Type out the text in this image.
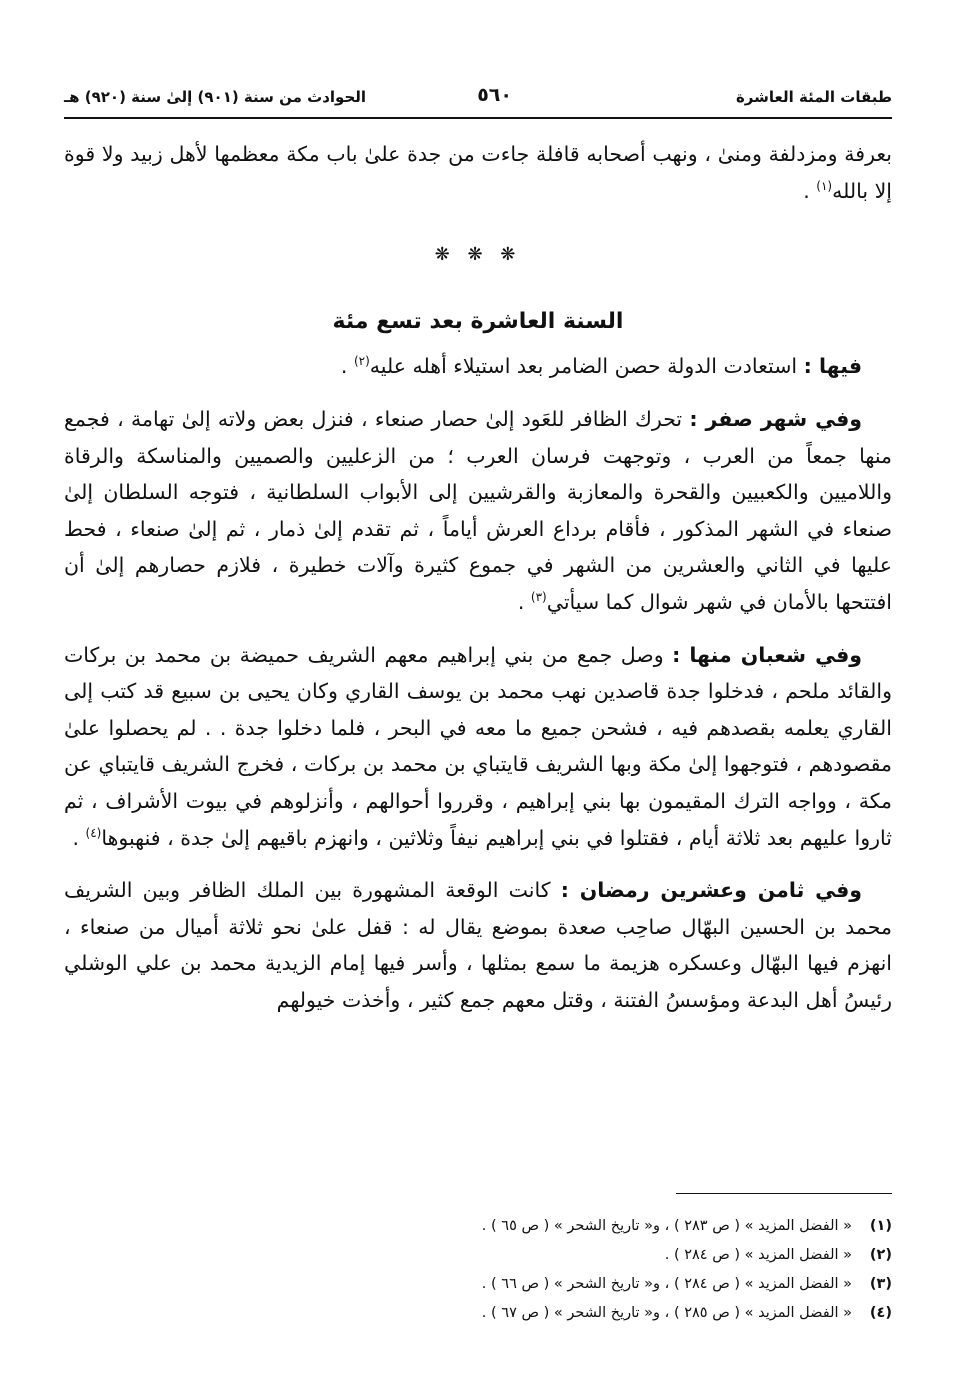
طبقات المئة العاشرة
٥٦٠
الحوادث من سنة (٩٠١) إلىٰ سنة (٩٢٠) هـ

بعرفة ومزدلفة ومنىٰ ، ونهب أصحابه قافلة جاءت من جدة علىٰ باب مكة معظمها لأهل زبيد ولا قوة إلا بالله$^{(١)}$ .

❋ ❋ ❋
السنة العاشرة بعد تسع مئة

فيها : استعادت الدولة حصن الضامر بعد استيلاء أهله عليه$^{(٢)}$ .

وفي شهر صفر : تحرك الظافر للعَود إلىٰ حصار صنعاء ، فنزل بعض ولاته إلىٰ تهامة ، فجمع منها جمعاً من العرب ، وتوجهت فرسان العرب ؛ من الزعليين والصميين والمناسكة والرقاة واللاميين والكعبيين والقحرة والمعازبة والقرشيين إلى الأبواب السلطانية ، فتوجه السلطان إلىٰ صنعاء في الشهر المذكور ، فأقام برداع العرش أياماً ، ثم تقدم إلىٰ ذمار ، ثم إلىٰ صنعاء ، فحط عليها في الثاني والعشرين من الشهر في جموع كثيرة وآلات خطيرة ، فلازم حصارهم إلىٰ أن افتتحها بالأمان في شهر شوال كما سيأتي$^{(٣)}$ .

وفي شعبان منها : وصل جمع من بني إبراهيم معهم الشريف حميضة بن محمد بن بركات والقائد ملحم ، فدخلوا جدة قاصدين نهب محمد بن يوسف القاري وكان يحيى بن سبيع قد كتب إلى القاري يعلمه بقصدهم فيه ، فشحن جميع ما معه في البحر ، فلما دخلوا جدة . . لم يحصلوا علىٰ مقصودهم ، فتوجهوا إلىٰ مكة وبها الشريف قايتباي بن محمد بن بركات ، فخرج الشريف قايتباي عن مكة ، وواجه الترك المقيمون بها بني إبراهيم ، وقرروا أحوالهم ، وأنزلوهم في بيوت الأشراف ، ثم ثاروا عليهم بعد ثلاثة أيام ، فقتلوا في بني إبراهيم نيفاً وثلاثين ، وانهزم باقيهم إلىٰ جدة ، فنهبوها$^{(٤)}$ .

وفي ثامن وعشرين رمضان : كانت الوقعة المشهورة بين الملك الظافر وبين الشريف محمد بن الحسين البهّال صاحِب صعدة بموضع يقال له : قفل علىٰ نحو ثلاثة أميال من صنعاء ، انهزم فيها البهّال وعسكره هزيمة ما سمع بمثلها ، وأسر فيها إمام الزيدية محمد بن علي الوشلي رئيسُ أهل البدعة ومؤسسُ الفتنة ، وقتل معهم جمع كثير ، وأخذت خيولهم

(١)« الفضل المزيد » ( ص ٢٨٣ ) ، و« تاريخ الشحر » ( ص ٦٥ ) .

(٢)« الفضل المزيد » ( ص ٢٨٤ ) .

(٣)« الفضل المزيد » ( ص ٢٨٤ ) ، و« تاريخ الشحر » ( ص ٦٦ ) .

(٤)« الفضل المزيد » ( ص ٢٨٥ ) ، و« تاريخ الشحر » ( ص ٦٧ ) .
